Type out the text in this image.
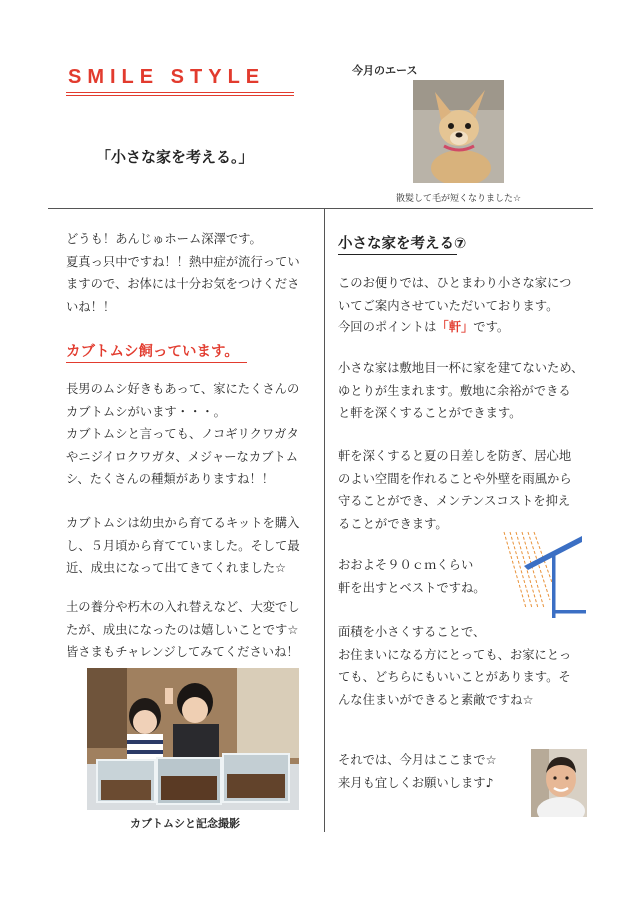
SMILE STYLE
「小さな家を考える。」
今月のエース
散髪して毛が短くなりました☆
どうも！あんじゅホーム深澤です。
夏真っ只中ですね！！熱中症が流行ってい
ますので、お体には十分お気をつけくださ
いね！！
カブトムシ飼っています。
長男のムシ好きもあって、家にたくさんの
カブトムシがいます・・・。
カブトムシと言っても、ノコギリクワガタ
やニジイロクワガタ、メジャーなカブトム
シ、たくさんの種類がありますね！！
カブトムシは幼虫から育てるキットを購入
し、５月頃から育てていました。そして最
近、成虫になって出てきてくれました☆
土の養分や朽木の入れ替えなど、大変でし
たが、成虫になったのは嬉しいことです☆
皆さまもチャレンジしてみてくださいね！
カブトムシと記念撮影
小さな家を考える⑦
このお便りでは、ひとまわり小さな家につ
いてご案内させていただいております。
今回のポイントは「軒」です。
小さな家は敷地目一杯に家を建てないため、
ゆとりが生まれます。敷地に余裕ができる
と軒を深くすることができます。
軒を深くすると夏の日差しを防ぎ、居心地
のよい空間を作れることや外壁を雨風から
守ることができ、メンテンスコストを抑え
ることができます。
おおよそ９０ｃｍくらい
軒を出すとベストですね。
面積を小さくすることで、
お住まいになる方にとっても、お家にとっ
ても、どちらにもいいことがあります。そ
んな住まいができると素敵ですね☆
それでは、今月はここまで☆
来月も宜しくお願いします♪
